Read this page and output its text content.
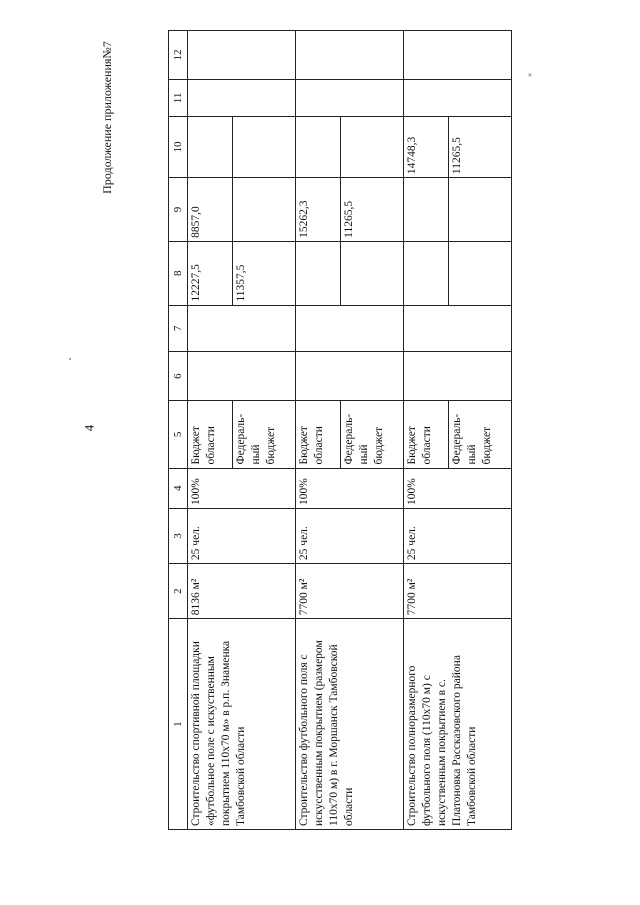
4
Продолжение приложения№7	»
1	2	3	4	5	6	7	8	9	10	11	12
Строительство спортивной площадки «футбольное поле с искуственным покрытием 110х70 м» в р.п. Знаменка Тамбовской области	8136 м²	25 чел.	100%	Бюджет области			12227,5	8857,0			
				Федераль-ный бюджет			11357,5				
Строительство футбольного поля с искусственным покрытием (размером 110х70 м) в г. Моршанск Тамбовской области	7700 м²	25 чел.	100%	Бюджет области				15262,3			
				Федераль-ный бюджет				11265,5			
Строительство полноразмерного футбольного поля (110х70 м) с искуственным покрытием в с. Платоновка Рассказовского района Тамбовской области	7700 м²	25 чел.	100%	Бюджет области					14748,3		
				Федераль-ный бюджет					11265,5		
